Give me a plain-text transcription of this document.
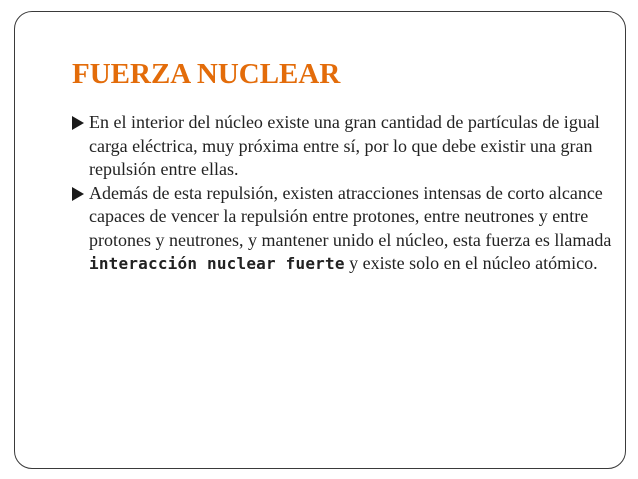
FUERZA NUCLEAR
En el interior del núcleo existe una gran cantidad de partículas de igual carga eléctrica, muy próxima entre sí, por lo que debe existir una gran repulsión entre ellas.
Además de esta repulsión, existen atracciones intensas de corto alcance capaces de vencer la repulsión entre protones, entre neutrones y entre protones y neutrones, y mantener unido el núcleo, esta fuerza es llamada interacción nuclear fuerte y existe solo en el núcleo atómico.
